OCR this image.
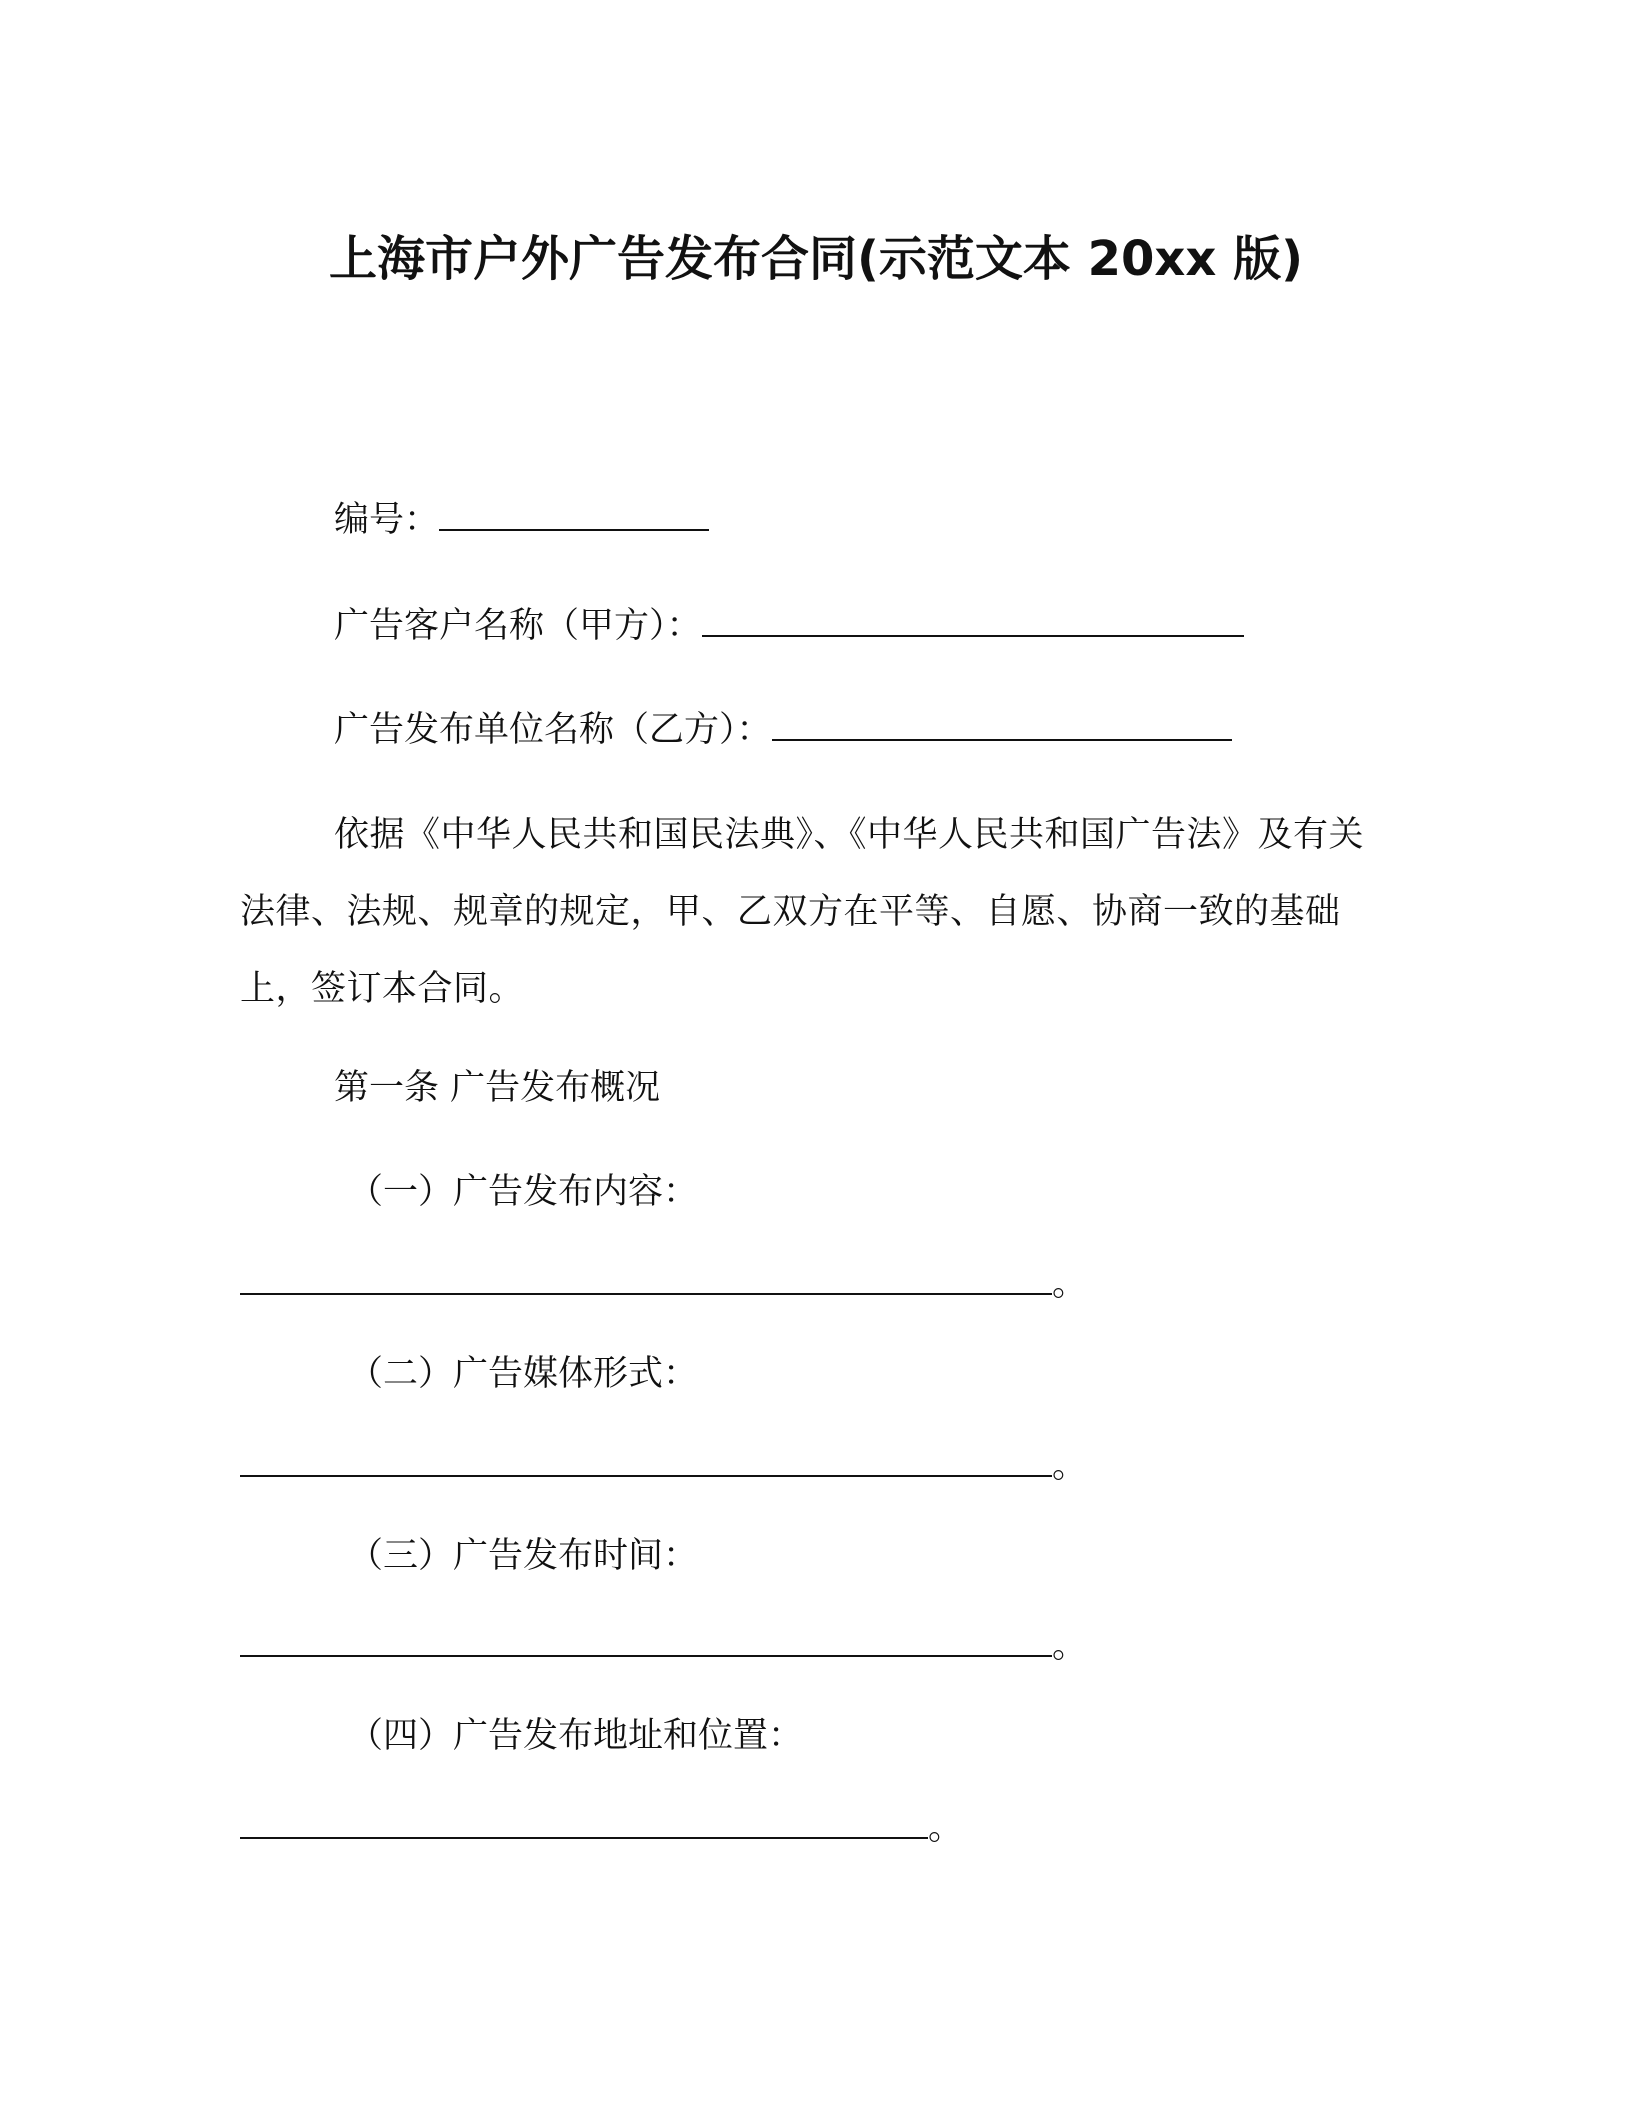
上海市户外广告发布合同(示范文本 20xx 版)
编号：
广告客户名称（甲方）：
广告发布单位名称（乙方）：
依据《中华人民共和国民法典》、《中华人民共和国广告法》及有关法律、法规、规章的规定，甲、乙双方在平等、自愿、协商一致的基础上，签订本合同。
第一条 广告发布概况
（一）广告发布内容：
。
（二）广告媒体形式：
。
（三）广告发布时间：
。
（四）广告发布地址和位置：
。
